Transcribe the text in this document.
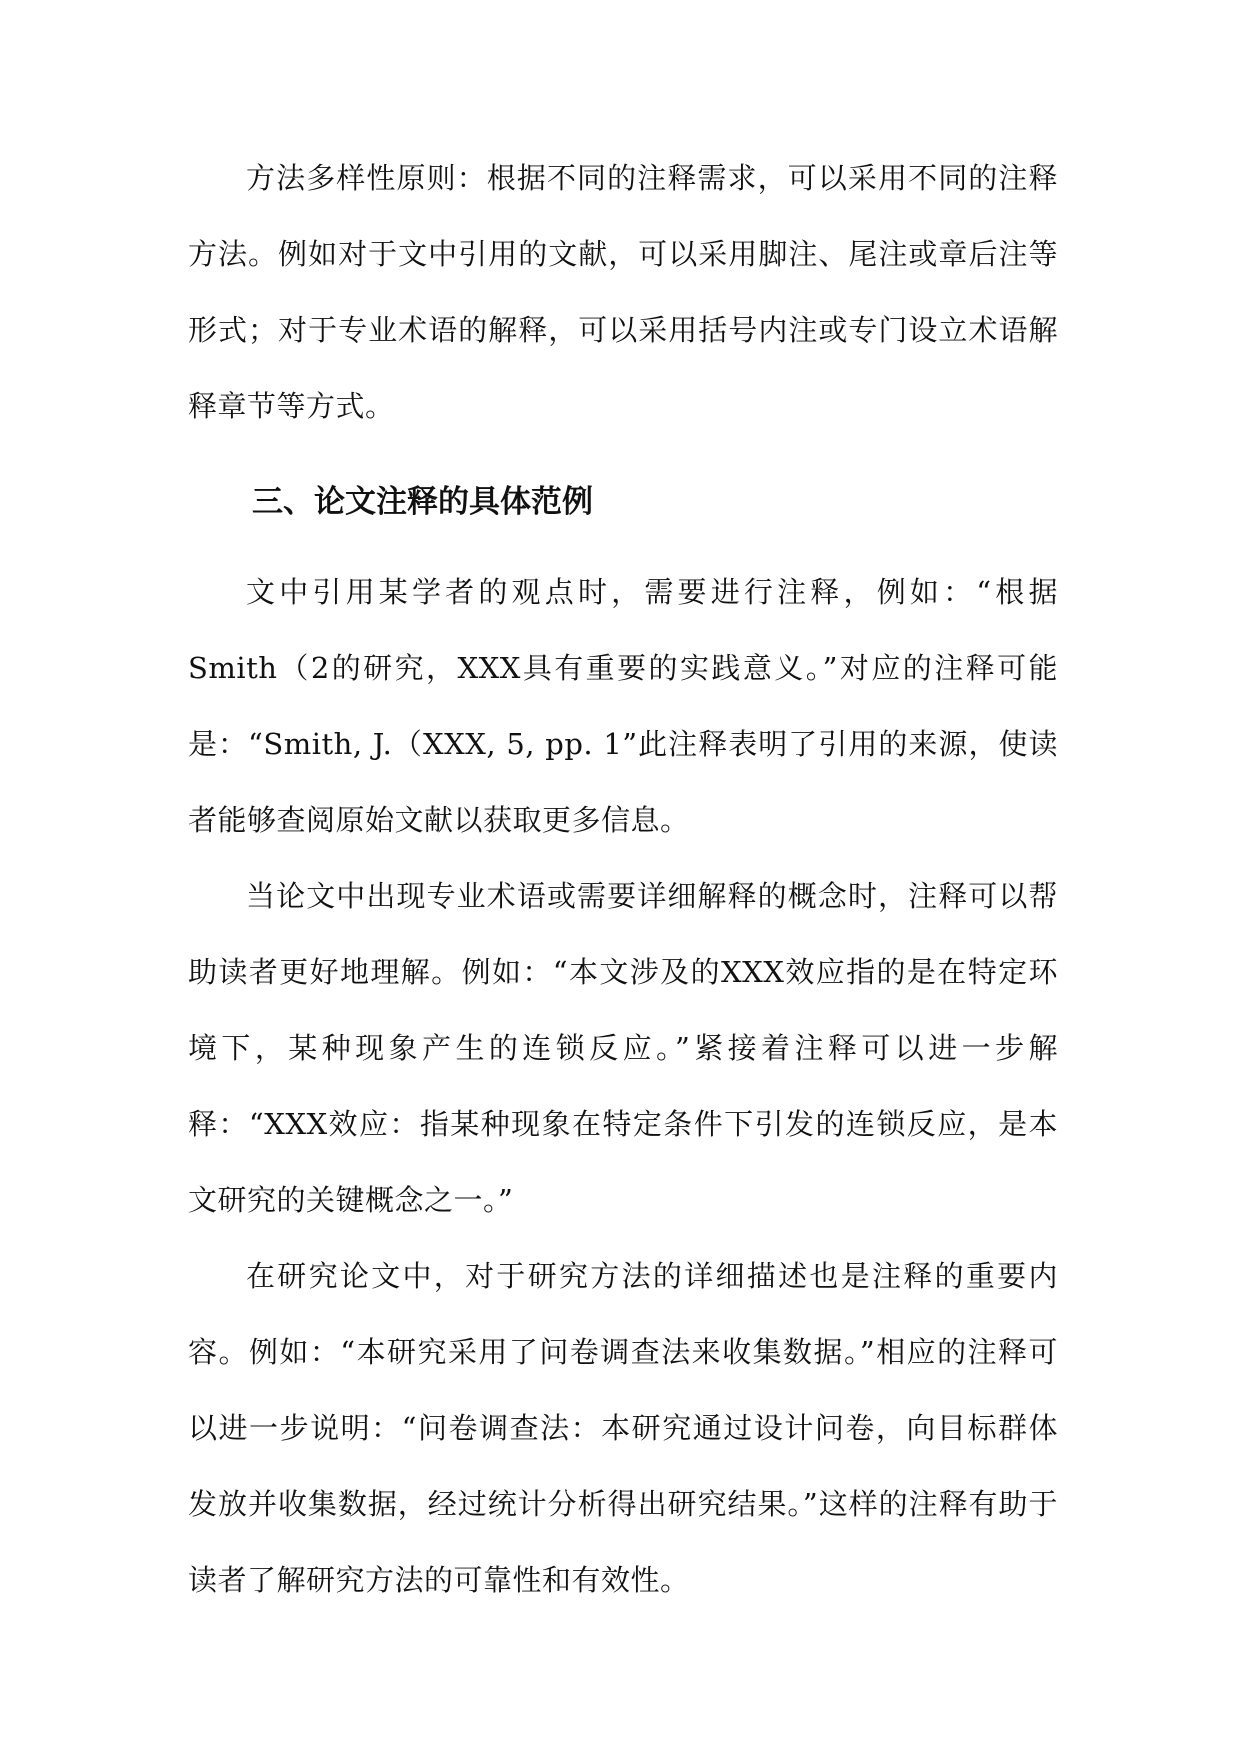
方法多样性原则：根据不同的注释需求，可以采用不同的注释方法。例如对于文中引用的文献，可以采用脚注、尾注或章后注等形式；对于专业术语的解释，可以采用括号内注或专门设立术语解释章节等方式。

三、论文注释的具体范例

文中引用某学者的观点时，需要进行注释，例如：“根据Smith（2的研究，XXX具有重要的实践意义。”对应的注释可能是：“Smith, J.（XXX, 5, pp. 1”此注释表明了引用的来源，使读者能够查阅原始文献以获取更多信息。

当论文中出现专业术语或需要详细解释的概念时，注释可以帮助读者更好地理解。例如：“本文涉及的XXX效应指的是在特定环境下，某种现象产生的连锁反应。”紧接着注释可以进一步解释：“XXX效应：指某种现象在特定条件下引发的连锁反应，是本文研究的关键概念之一。”

在研究论文中，对于研究方法的详细描述也是注释的重要内容。例如：“本研究采用了问卷调查法来收集数据。”相应的注释可以进一步说明：“问卷调查法：本研究通过设计问卷，向目标群体发放并收集数据，经过统计分析得出研究结果。”这样的注释有助于读者了解研究方法的可靠性和有效性。
